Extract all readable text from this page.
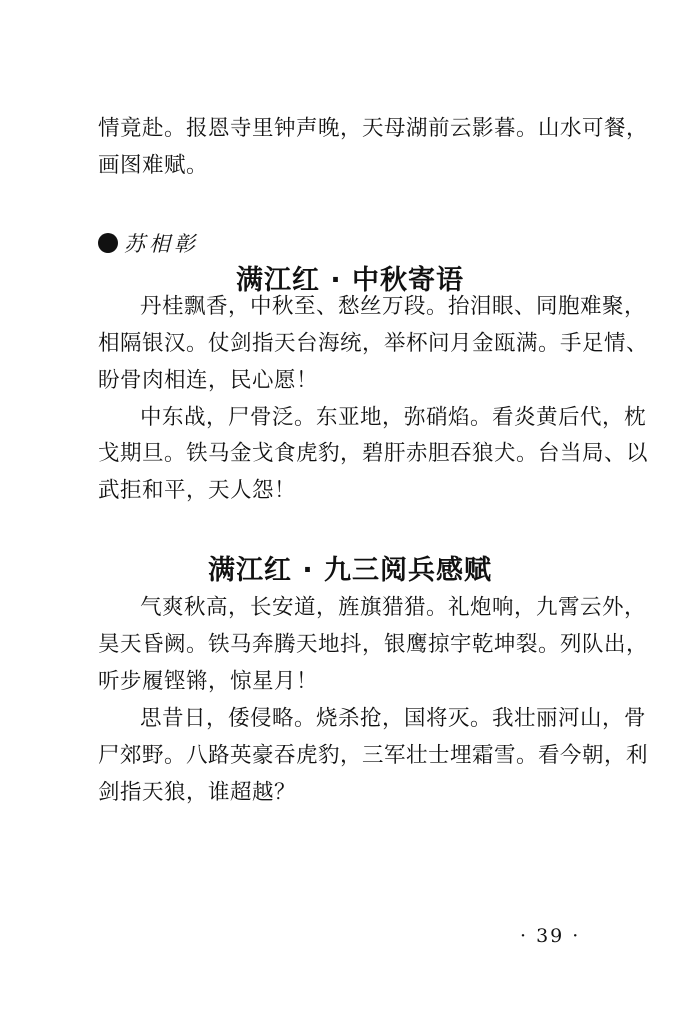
情竟赴。报恩寺里钟声晚，天母湖前云影暮。山水可餐，
画图难赋。
苏相彰
满江红 · 中秋寄语
丹桂飘香，中秋至、愁丝万段。抬泪眼、同胞难聚，
相隔银汉。仗剑指天台海统，举杯问月金瓯满。手足情、
盼骨肉相连，民心愿！
中东战，尸骨泛。东亚地，弥硝焰。看炎黄后代，枕
戈期旦。铁马金戈食虎豹，碧肝赤胆吞狼犬。台当局、以
武拒和平，天人怨！
满江红 · 九三阅兵感赋
气爽秋高，长安道，旌旗猎猎。礼炮响，九霄云外，
昊天昏阙。铁马奔腾天地抖，银鹰掠宇乾坤裂。列队出，
听步履铿锵，惊星月！
思昔日，倭侵略。烧杀抢，国将灭。我壮丽河山，骨
尸郊野。八路英豪吞虎豹，三军壮士埋霜雪。看今朝，利
剑指天狼，谁超越？
· 39 ·
